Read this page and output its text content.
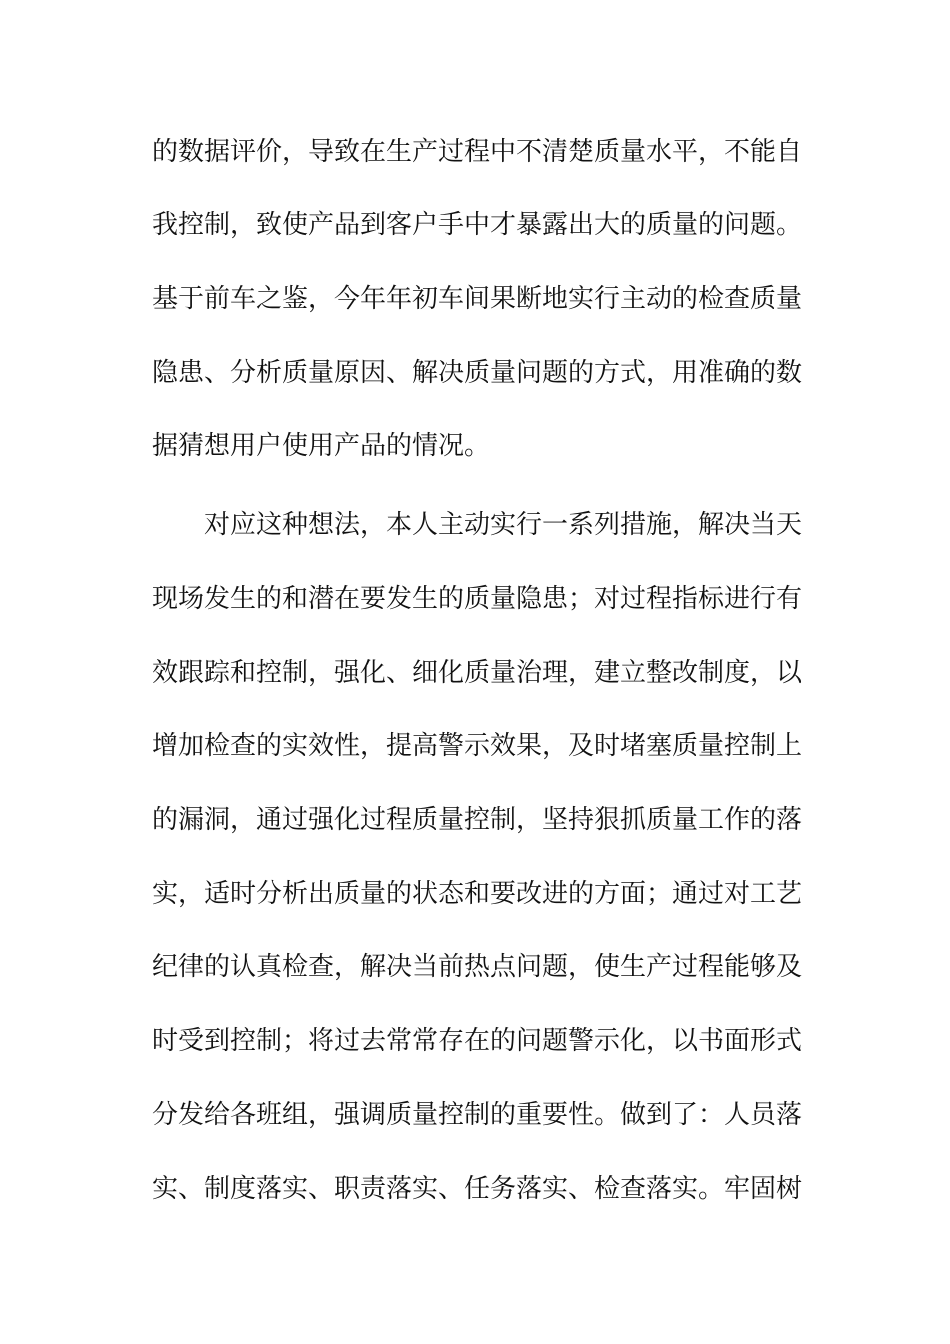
的数据评价，导致在生产过程中不清楚质量水平，不能自
我控制，致使产品到客户手中才暴露出大的质量的问题。
基于前车之鉴，今年年初车间果断地实行主动的检查质量
隐患、分析质量原因、解决质量问题的方式，用准确的数
据猜想用户使用产品的情况。
对应这种想法，本人主动实行一系列措施，解决当天
现场发生的和潜在要发生的质量隐患；对过程指标进行有
效跟踪和控制，强化、细化质量治理，建立整改制度，以
增加检查的实效性，提高警示效果，及时堵塞质量控制上
的漏洞，通过强化过程质量控制，坚持狠抓质量工作的落
实，适时分析出质量的状态和要改进的方面；通过对工艺
纪律的认真检查，解决当前热点问题，使生产过程能够及
时受到控制；将过去常常存在的问题警示化，以书面形式
分发给各班组，强调质量控制的重要性。做到了：人员落
实、制度落实、职责落实、任务落实、检查落实。牢固树
